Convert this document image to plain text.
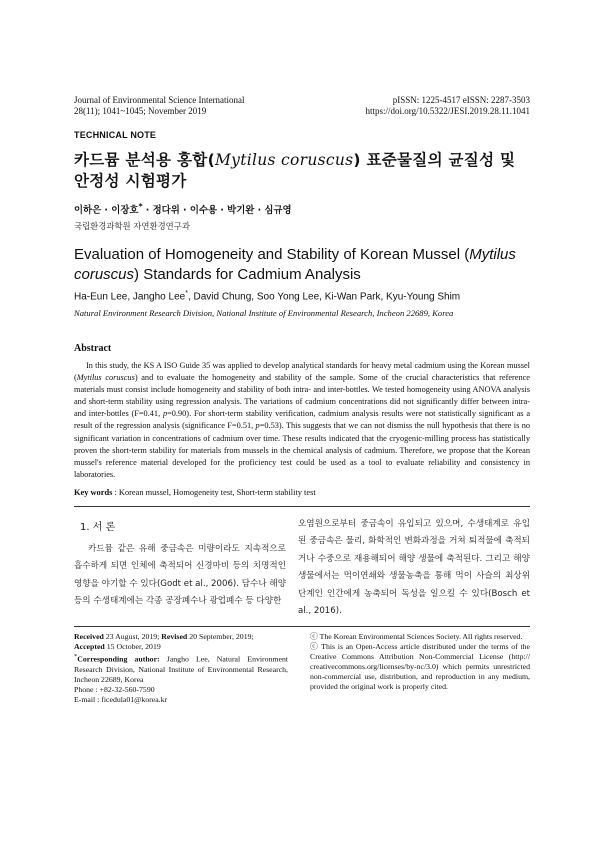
Journal of Environmental Science International
28(11); 1041~1045; November 2019
pISSN: 1225-4517 eISSN: 2287-3503
https://doi.org/10.5322/JESI.2019.28.11.1041
TECHNICAL NOTE
카드뮴 분석용 홍합(Mytilus coruscus) 표준물질의 균질성 및
안정성 시험평가
이하은 · 이장호* · 정다위 · 이수용 · 박기완 · 심규영
국립환경과학원 자연환경연구과
Evaluation of Homogeneity and Stability of Korean Mussel (Mytilus
coruscus) Standards for Cadmium Analysis
Ha-Eun Lee, Jangho Lee*, David Chung, Soo Yong Lee, Ki-Wan Park, Kyu-Young Shim
Natural Environment Research Division, National Institute of Environmental Research, Incheon 22689, Korea
Abstract
In this study, the KS A ISO Guide 35 was applied to develop analytical standards for heavy metal cadmium using the Korean mussel (Mytilus coruscus) and to evaluate the homogeneity and stability of the sample. Some of the crucial characteristics that reference materials must consist include homogeneity and stability of both intra- and inter-bottles. We tested homogeneity using ANOVA analysis and short-term stability using regression analysis. The variations of cadmium concentrations did not significantly differ between intra- and inter-bottles (F=0.41, p=0.90). For short-term stability verification, cadmium analysis results were not statistically significant as a result of the regression analysis (significance F=0.51, p=0.53). This suggests that we can not dismiss the null hypothesis that there is no significant variation in concentrations of cadmium over time. These results indicated that the cryogenic-milling process has statistically proven the short-term stability for materials from mussels in the chemical analysis of cadmium. Therefore, we propose that the Korean mussel's reference material developed for the proficiency test could be used as a tool to evaluate reliability and consistency in laboratories.
Key words : Korean mussel, Homogeneity test, Short-term stability test
1. 서 론
카드뮴 같은 유해 중금속은 미량이라도 지속적으로 흡수하게 되면 인체에 축적되어 신경마비 등의 치명적인 영향을 야기할 수 있다(Godt et al., 2006). 담수나 해양 등의 수생태계에는 각종 공장폐수나 광업폐수 등 다양한
오염원으로부터 중금속이 유입되고 있으며, 수생태계로 유입된 중금속은 물리, 화학적인 변화과정을 거쳐 퇴적물에 축적되거나 수중으로 재용해되어 해양 생물에 축적된다. 그리고 해양생물에서는 먹이연쇄와 생물농축을 통해 먹이 사슬의 최상위단계인 인간에게 농축되어 독성을 일으킬 수 있다(Bosch et al., 2016).
Received 23 August, 2019; Revised 20 September, 2019;
Accepted 15 October, 2019
*Corresponding author: Jangho Lee, Natural Environment Research Division, National Institute of Environmental Research, Incheon 22689, Korea
Phone : +82-32-560-7590
E-mail : ficedula01@korea.kr
ⓒ The Korean Environmental Sciences Society. All rights reserved.
ⓒ This is an Open-Access article distributed under the terms of the Creative Commons Attribution Non-Commercial License (http:// creativecommons.org/licenses/by-nc/3.0) which permits unrestricted non-commercial use, distribution, and reproduction in any medium, provided the original work is properly cited.
